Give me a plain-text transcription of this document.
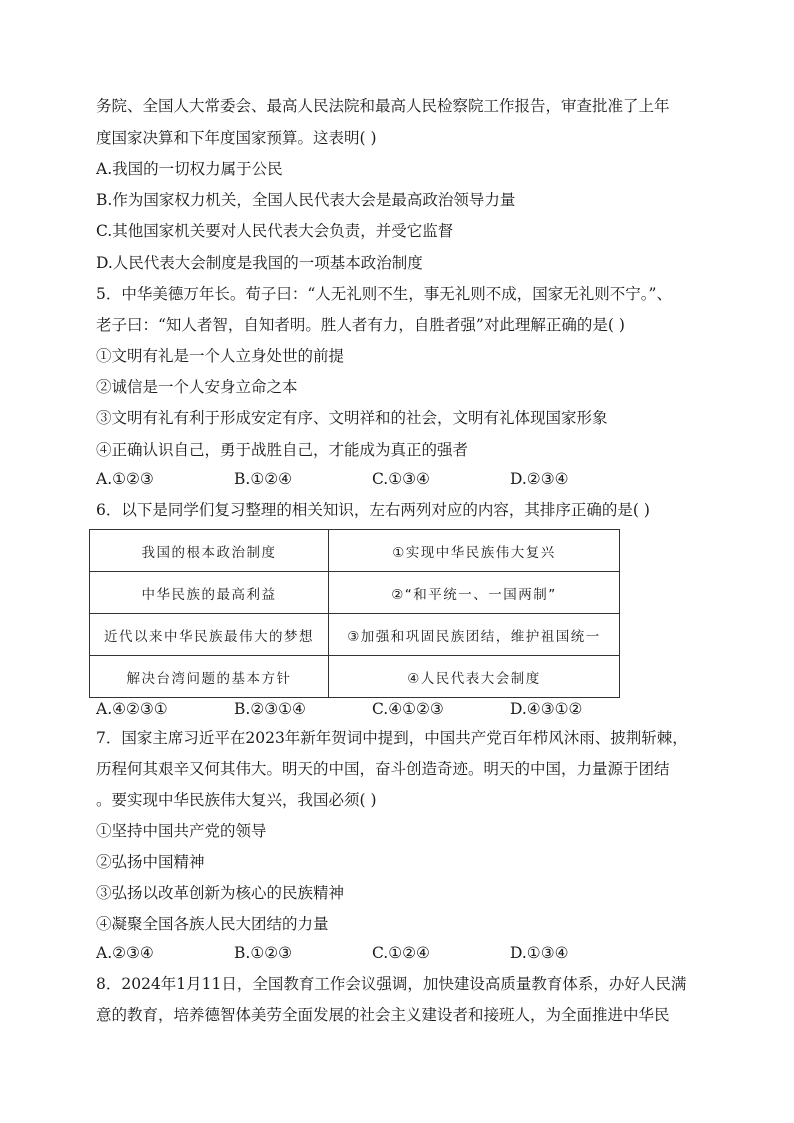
务院、全国人大常委会、最高人民法院和最高人民检察院工作报告，审查批准了上年
度国家决算和下年度国家预算。这表明( )
A.我国的一切权力属于公民
B.作为国家权力机关，全国人民代表大会是最高政治领导力量
C.其他国家机关要对人民代表大会负责，并受它监督
D.人民代表大会制度是我国的一项基本政治制度
5．中华美德万年长。荀子曰：“人无礼则不生，事无礼则不成，国家无礼则不宁。”、
老子曰：“知人者智，自知者明。胜人者有力，自胜者强”对此理解正确的是( )
①文明有礼是一个人立身处世的前提
②诚信是一个人安身立命之本
③文明有礼有利于形成安定有序、文明祥和的社会，文明有礼体现国家形象
④正确认识自己，勇于战胜自己，才能成为真正的强者
A.①②③	B.①②④	C.①③④	D.②③④
6．以下是同学们复习整理的相关知识，左右两列对应的内容，其排序正确的是( )
我国的根本政治制度	①实现中华民族伟大复兴
中华民族的最高利益	②“和平统一、一国两制”
近代以来中华民族最伟大的梦想	③加强和巩固民族团结，维护祖国统一
解决台湾问题的基本方针	④人民代表大会制度
A.④②③①	B.②③①④	C.④①②③	D.④③①②
7．国家主席习近平在2023年新年贺词中提到，中国共产党百年栉风沐雨、披荆斩棘，
历程何其艰辛又何其伟大。明天的中国，奋斗创造奇迹。明天的中国，力量源于团结
。要实现中华民族伟大复兴，我国必须( )
①坚持中国共产党的领导
②弘扬中国精神
③弘扬以改革创新为核心的民族精神
④凝聚全国各族人民大团结的力量
A.②③④	B.①②③	C.①②④	D.①③④
8．2024年1月11日，全国教育工作会议强调，加快建设高质量教育体系，办好人民满
意的教育，培养德智体美劳全面发展的社会主义建设者和接班人，为全面推进中华民
